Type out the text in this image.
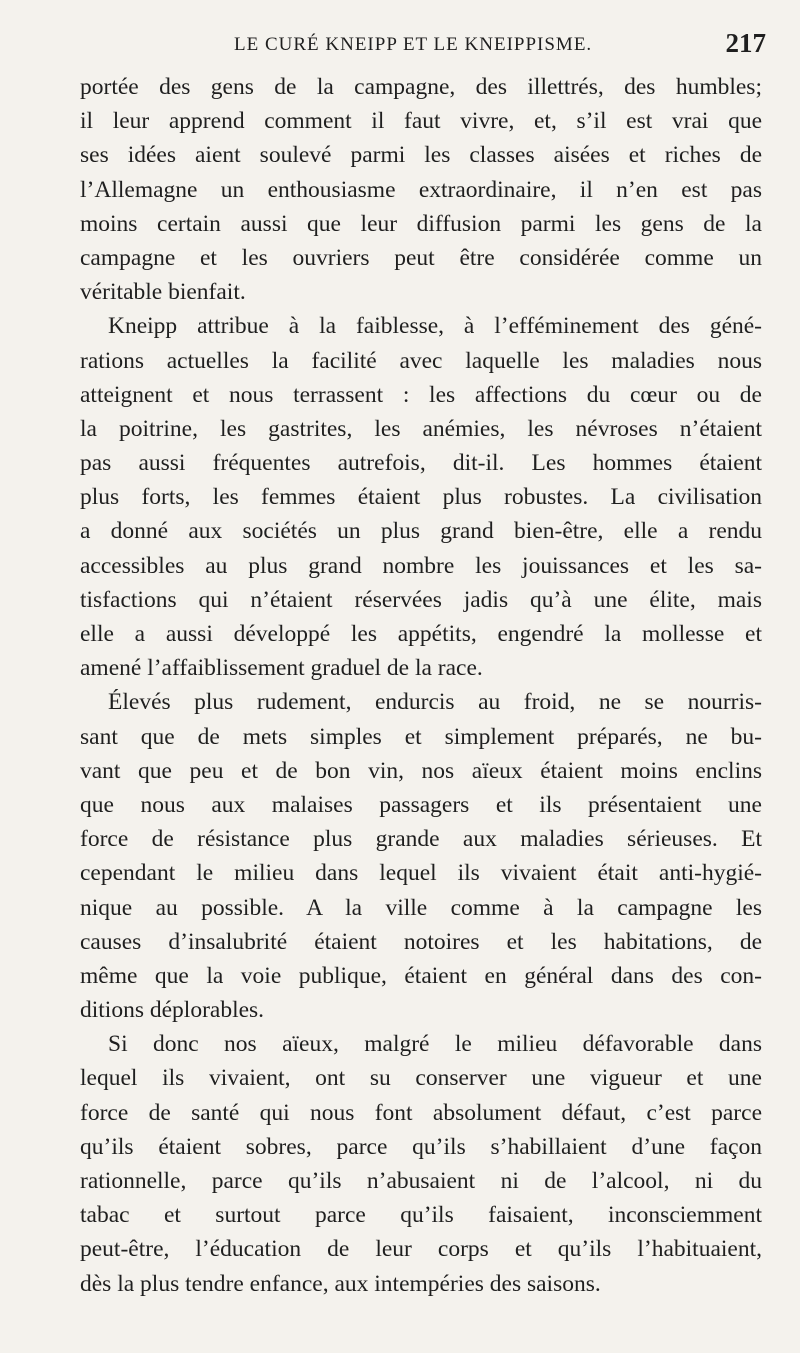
LE CURÉ KNEIPP ET LE KNEIPPISME.	217
portée des gens de la campagne, des illettrés, des humbles;
il leur apprend comment il faut vivre, et, s’il est vrai que
ses idées aient soulevé parmi les classes aisées et riches de
l’Allemagne un enthousiasme extraordinaire, il n’en est pas
moins certain aussi que leur diffusion parmi les gens de la
campagne et les ouvriers peut être considérée comme un
véritable bienfait.
Kneipp attribue à la faiblesse, à l’efféminement des géné-
rations actuelles la facilité avec laquelle les maladies nous
atteignent et nous terrassent : les affections du cœur ou de
la poitrine, les gastrites, les anémies, les névroses n’étaient
pas aussi fréquentes autrefois, dit-il. Les hommes étaient
plus forts, les femmes étaient plus robustes. La civilisation
a donné aux sociétés un plus grand bien-être, elle a rendu
accessibles au plus grand nombre les jouissances et les sa-
tisfactions qui n’étaient réservées jadis qu’à une élite, mais
elle a aussi développé les appétits, engendré la mollesse et
amené l’affaiblissement graduel de la race.
Élevés plus rudement, endurcis au froid, ne se nourris-
sant que de mets simples et simplement préparés, ne bu-
vant que peu et de bon vin, nos aïeux étaient moins enclins
que nous aux malaises passagers et ils présentaient une
force de résistance plus grande aux maladies sérieuses. Et
cependant le milieu dans lequel ils vivaient était anti-hygié-
nique au possible. A la ville comme à la campagne les
causes d’insalubrité étaient notoires et les habitations, de
même que la voie publique, étaient en général dans des con-
ditions déplorables.
Si donc nos aïeux, malgré le milieu défavorable dans
lequel ils vivaient, ont su conserver une vigueur et une
force de santé qui nous font absolument défaut, c’est parce
qu’ils étaient sobres, parce qu’ils s’habillaient d’une façon
rationnelle, parce qu’ils n’abusaient ni de l’alcool, ni du
tabac et surtout parce qu’ils faisaient, inconsciemment
peut-être, l’éducation de leur corps et qu’ils l’habituaient,
dès la plus tendre enfance, aux intempéries des saisons.
